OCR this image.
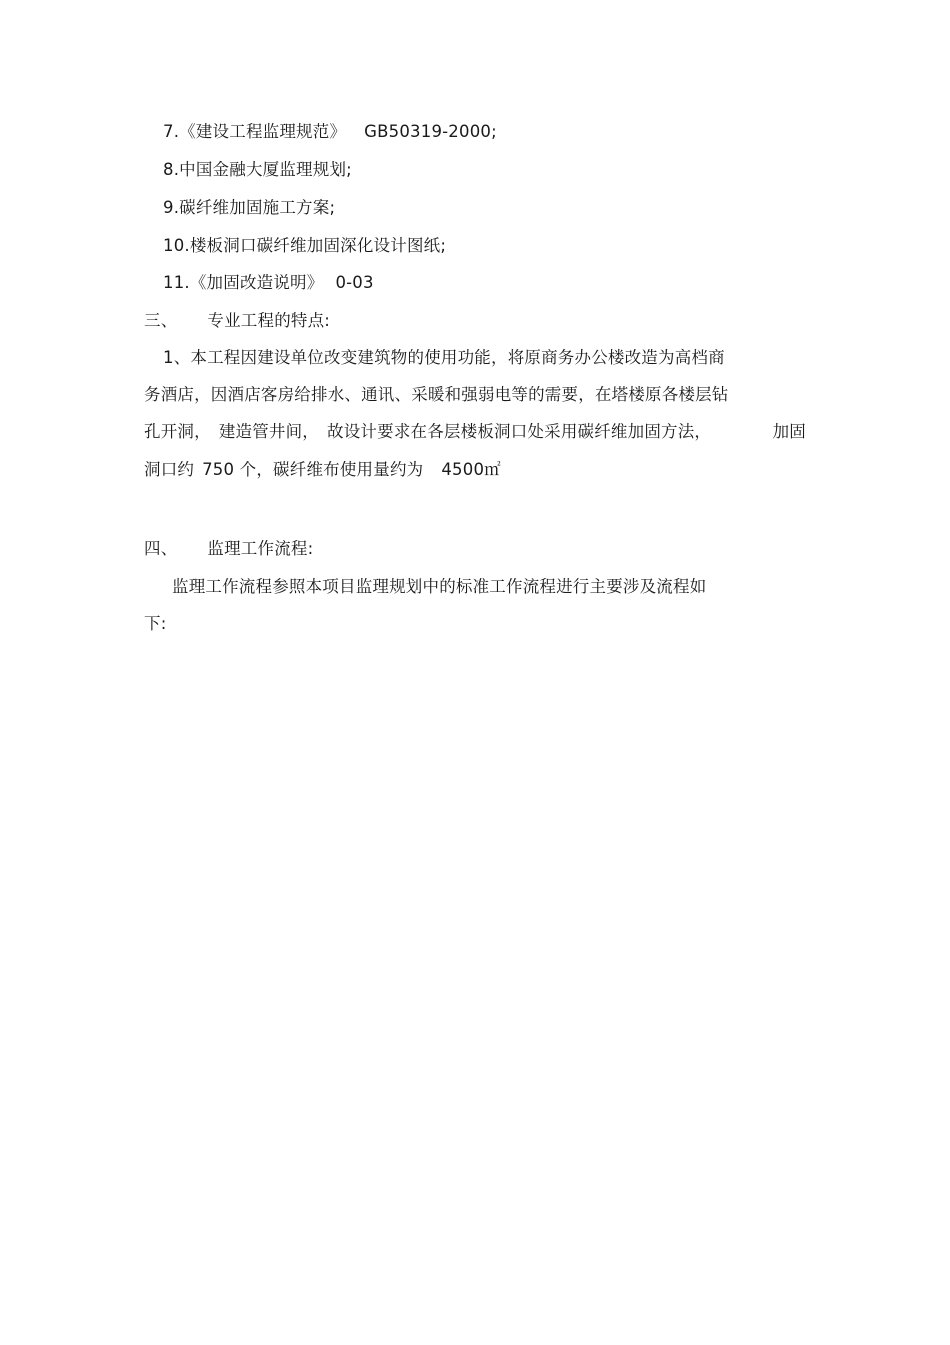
7.《建设工程监理规范》 GB50319-2000;
8.中国金融大厦监理规划;
9.碳纤维加固施工方案;
10.楼板洞口碳纤维加固深化设计图纸;
11.《加固改造说明》 0-03
三、 专业工程的特点:
1、本工程因建设单位改变建筑物的使用功能，将原商务办公楼改造为高档商
务酒店，因酒店客房给排水、通讯、采暖和强弱电等的需要，在塔楼原各楼层钻
孔开洞， 建造管井间， 故设计要求在各层楼板洞口处采用碳纤维加固方法，	加固
洞口约 750 个，碳纤维布使用量约为 4500㎡
四、 监理工作流程:
监理工作流程参照本项目监理规划中的标准工作流程进行主要涉及流程如
下:
